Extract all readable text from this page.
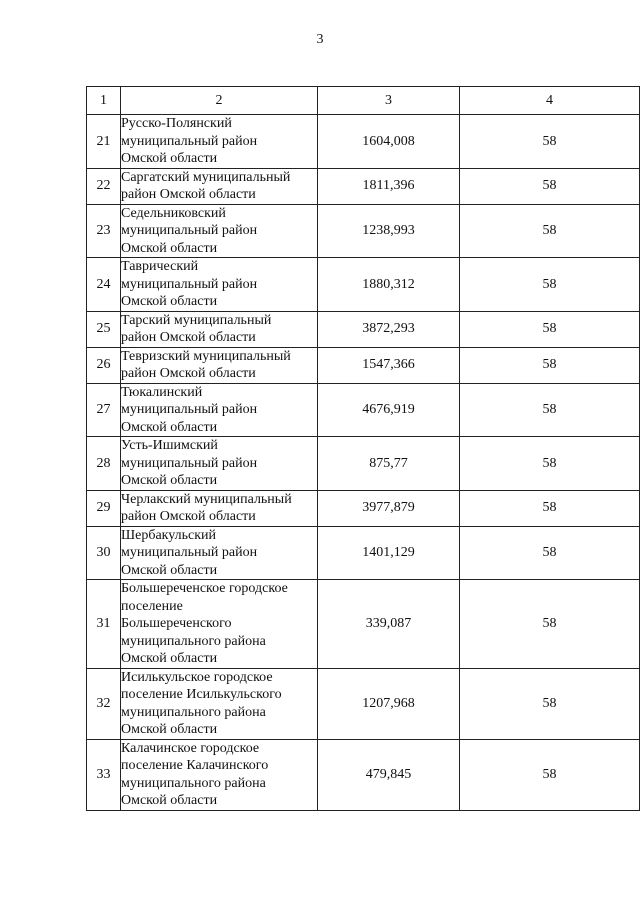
3
1	2	3	4
21	Русско-Полянский
муниципальный район
Омской области	1604,008	58
22	Саргатский муниципальный
район Омской области	1811,396	58
23	Седельниковский
муниципальный район
Омской области	1238,993	58
24	Таврический
муниципальный район
Омской области	1880,312	58
25	Тарский муниципальный
район Омской области	3872,293	58
26	Тевризский муниципальный
район Омской области	1547,366	58
27	Тюкалинский
муниципальный район
Омской области	4676,919	58
28	Усть-Ишимский
муниципальный район
Омской области	875,77	58
29	Черлакский муниципальный
район Омской области	3977,879	58
30	Шербакульский
муниципальный район
Омской области	1401,129	58
31	Большереченское городское
поселение
Большереченского
муниципального района
Омской области	339,087	58
32	Исилькульское городское
поселение Исилькульского
муниципального района
Омской области	1207,968	58
33	Калачинское городское
поселение Калачинского
муниципального района
Омской области	479,845	58
